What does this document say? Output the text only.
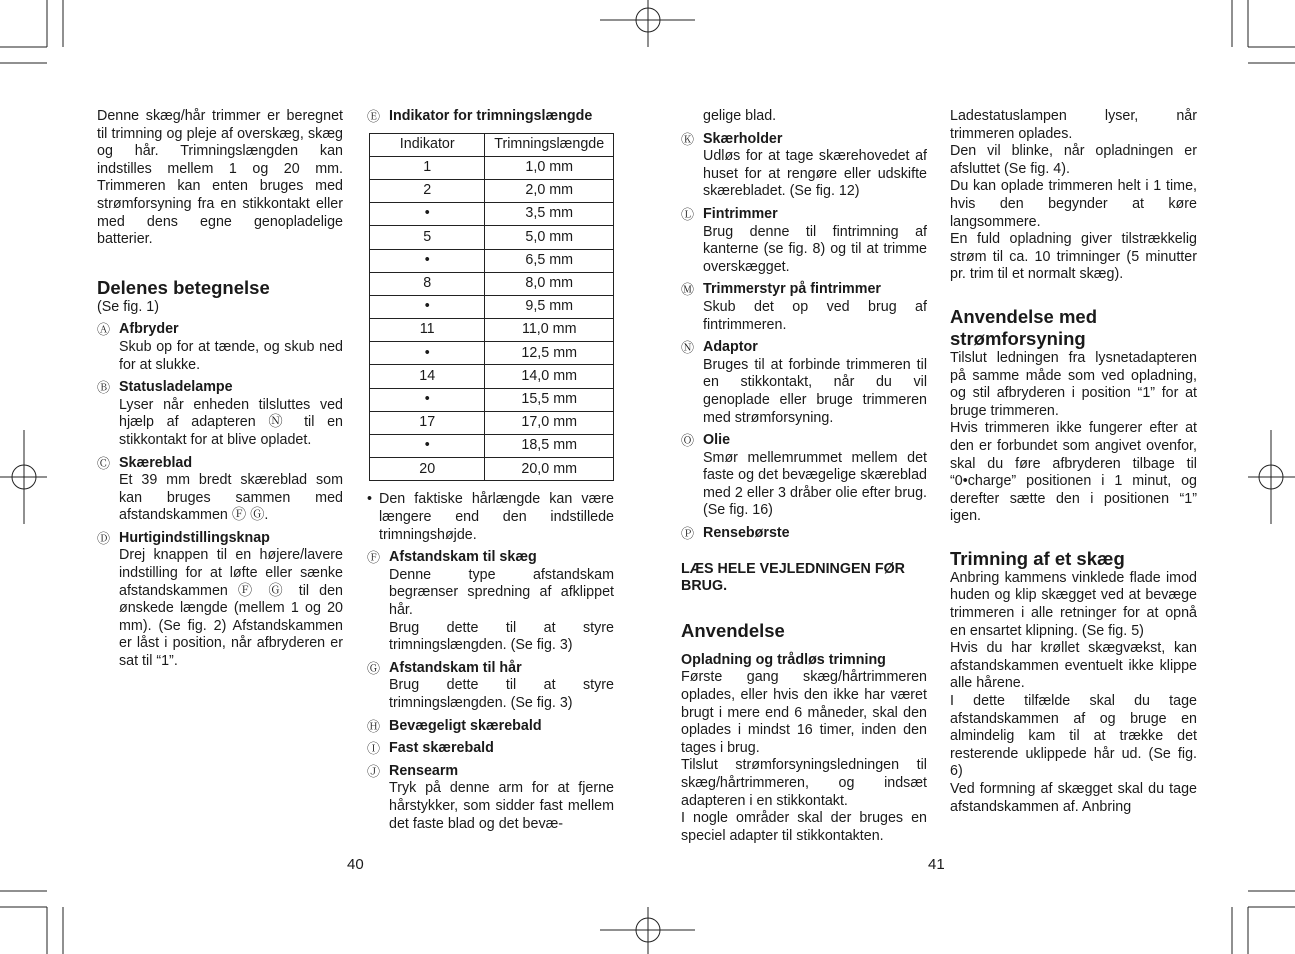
Denne skæg/hår trimmer er beregnet til trimning og pleje af overskæg, skæg og hår. Trimningslængden kan indstilles mellem 1 og 20 mm. Trimmeren kan enten bruges med strømforsyning fra en stikkontakt eller med dens egne genopladelige batterier.

Delenes betegnelse
(Se fig. 1)
Ⓐ Afbryder
Skub op for at tænde, og skub ned for at slukke.
Ⓑ Statusladelampe
Lyser når enheden tilsluttes ved hjælp af adapteren Ⓝ til en stikkontakt for at blive opladet.
Ⓒ Skæreblad
Et 39 mm bredt skæreblad som kan bruges sammen med afstandskammen Ⓕ Ⓖ.
Ⓓ Hurtigindstillingsknap
Drej knappen til en højere/lavere indstilling for at løfte eller sænke afstandskammen Ⓕ Ⓖ til den ønskede længde (mellem 1 og 20 mm). (Se fig. 2) Afstandskammen er låst i position, når afbryderen er sat til “1”.
Ⓔ Indikator for trimningslængde
Indikator	Trimningslængde
1	1,0 mm
2	2,0 mm
•	3,5 mm
5	5,0 mm
•	6,5 mm
8	8,0 mm
•	9,5 mm
11	11,0 mm
•	12,5 mm
14	14,0 mm
•	15,5 mm
17	17,0 mm
•	18,5 mm
20	20,0 mm
• Den faktiske hårlængde kan være længere end den indstillede trimningshøjde.
Ⓕ Afstandskam til skæg
Denne type afstandskam begrænser spredning af afklippet hår.
Brug dette til at styre trimningslængden. (Se fig. 3)
Ⓖ Afstandskam til hår
Brug dette til at styre trimningslængden. (Se fig. 3)
Ⓗ Bevægeligt skærebald
Ⓘ Fast skærebald
Ⓙ Rensearm
Tryk på denne arm for at fjerne hårstykker, som sidder fast mellem det faste blad og det bevæ-
40
gelige blad.
Ⓚ Skærholder
Udløs for at tage skærehovedet af huset for at rengøre eller udskifte skærebladet. (Se fig. 12)
Ⓛ Fintrimmer
Brug denne til fintrimning af kanterne (se fig. 8) og til at trimme overskægget.
Ⓜ Trimmerstyr på fintrimmer
Skub det op ved brug af fintrimmeren.
Ⓝ Adaptor
Bruges til at forbinde trimmeren til en stikkontakt, når du vil genoplade eller bruge trimmeren med strømforsyning.
Ⓞ Olie
Smør mellemrummet mellem det faste og det bevægelige skæreblad med 2 eller 3 dråber olie efter brug. (Se fig. 16)
Ⓟ Rensebørste
LÆS HELE VEJLEDNINGEN FØR BRUG.
Anvendelse
Opladning og trådløs trimning

Første gang skæg/hårtrimmeren oplades, eller hvis den ikke har været brugt i mere end 6 måneder, skal den oplades i mindst 16 timer, inden den tages i brug.

Tilslut strømforsyningsledningen til skæg/hårtrimmeren, og indsæt adapteren i en stikkontakt.

I nogle områder skal der bruges en speciel adapter til stikkontakten.

Ladestatuslampen lyser, når trimmeren oplades.

Den vil blinke, når opladningen er afsluttet (Se fig. 4).

Du kan oplade trimmeren helt i 1 time, hvis den begynder at køre langsommere.

En fuld opladning giver tilstrækkelig strøm til ca. 10 trimninger (5 minutter pr. trim til et normalt skæg).

Anvendelse med strømforsyning

Tilslut ledningen fra lysnetadapteren på samme måde som ved opladning, og stil afbryderen i position “1” for at bruge trimmeren.

Hvis trimmeren ikke fungerer efter at den er forbundet som angivet ovenfor, skal du føre afbryderen tilbage til “0•charge” positionen i 1 minut, og derefter sætte den i positionen “1” igen.

Trimning af et skæg

Anbring kammens vinklede flade imod huden og klip skægget ved at bevæge trimmeren i alle retninger for at opnå en ensartet klipning. (Se fig. 5)

Hvis du har krøllet skægvækst, kan afstandskammen eventuelt ikke klippe alle hårene.

I dette tilfælde skal du tage afstandskammen af og bruge en almindelig kam til at trække det resterende uklippede hår ud. (Se fig. 6)

Ved formning af skægget skal du tage afstandskammen af. Anbring

41
